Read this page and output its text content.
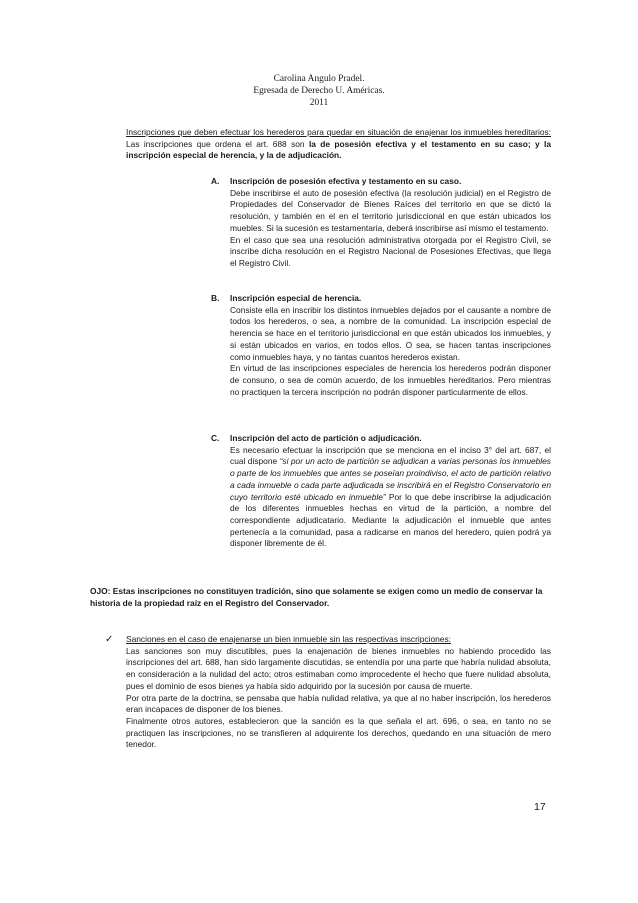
Carolina Angulo Pradel.
Egresada de Derecho U. Américas.
2011

Inscripciones que deben efectuar los herederos para quedar en situación de enajenar los inmuebles hereditarios: Las inscripciones que ordena el art. 688 son la de posesión efectiva y el testamento en su caso; y la inscripción especial de herencia, y la de adjudicación.

A. Inscripción de posesión efectiva y testamento en su caso.

Debe inscribirse el auto de posesión efectiva (la resolución judicial) en el Registro de Propiedades del Conservador de Bienes Raíces del territorio en que se dictó la resolución, y también en el en el territorio jurisdiccional en que están ubicados los muebles. Si la sucesión es testamentaria, deberá inscribirse así mismo el testamento.

En el caso que sea una resolución administrativa otorgada por el Registro Civil, se inscribe dicha resolución en el Registro Nacional de Posesiones Efectivas, que llega el Registro Civil.

B. Inscripción especial de herencia.

Consiste ella en inscribir los distintos inmuebles dejados por el causante a nombre de todos los herederos, o sea, a nombre de la comunidad. La inscripción especial de herencia se hace en el territorio jurisdiccional en que están ubicados los inmuebles, y si están ubicados en varios, en todos ellos. O sea, se hacen tantas inscripciones como inmuebles haya, y no tantas cuantos herederos existan.

En virtud de las inscripciones especiales de herencia los herederos podrán disponer de consuno, o sea de común acuerdo, de los inmuebles hereditarios. Pero mientras no practiquen la tercera inscripción no podrán disponer particularmente de ellos.

C. Inscripción del acto de partición o adjudicación.

Es necesario efectuar la inscripción que se menciona en el inciso 3° del art. 687, el cual dispone “si por un acto de partición se adjudican a varias personas los inmuebles o parte de los inmuebles que antes se poseían proindiviso, el acto de partición relativo a cada inmueble o cada parte adjudicada se inscribirá en el Registro Conservatorio en cuyo territorio esté ubicado en inmueble” Por lo que debe inscribirse la adjudicación de los diferentes inmuebles hechas en virtud de la partición, a nombre del correspondiente adjudicatario. Mediante la adjudicación el inmueble que antes pertenecía a la comunidad, pasa a radicarse en manos del heredero, quien podrá ya disponer libremente de él.

OJO: Estas inscripciones no constituyen tradición, sino que solamente se exigen como un medio de conservar la historia de la propiedad raíz en el Registro del Conservador.

✓ Sanciones en el caso de enajenarse un bien inmueble sin las respectivas inscripciones:

Las sanciones son muy discutibles, pues la enajenación de bienes inmuebles no habiendo procedido las inscripciones del art. 688, han sido largamente discutidas, se entendía por una parte que habría nulidad absoluta, en consideración a la nulidad del acto; otros estimaban como improcedente el hecho que fuere nulidad absoluta, pues el dominio de esos bienes ya había sido adquirido por la sucesión por causa de muerte.

Por otra parte de la doctrina, se pensaba que había nulidad relativa, ya que al no haber inscripción, los herederos eran incapaces de disponer de los bienes.

Finalmente otros autores, establecieron que la sanción es la que señala el art. 696, o sea, en tanto no se practiquen las inscripciones, no se transfieren al adquirente los derechos, quedando en una situación de mero tenedor.

17
